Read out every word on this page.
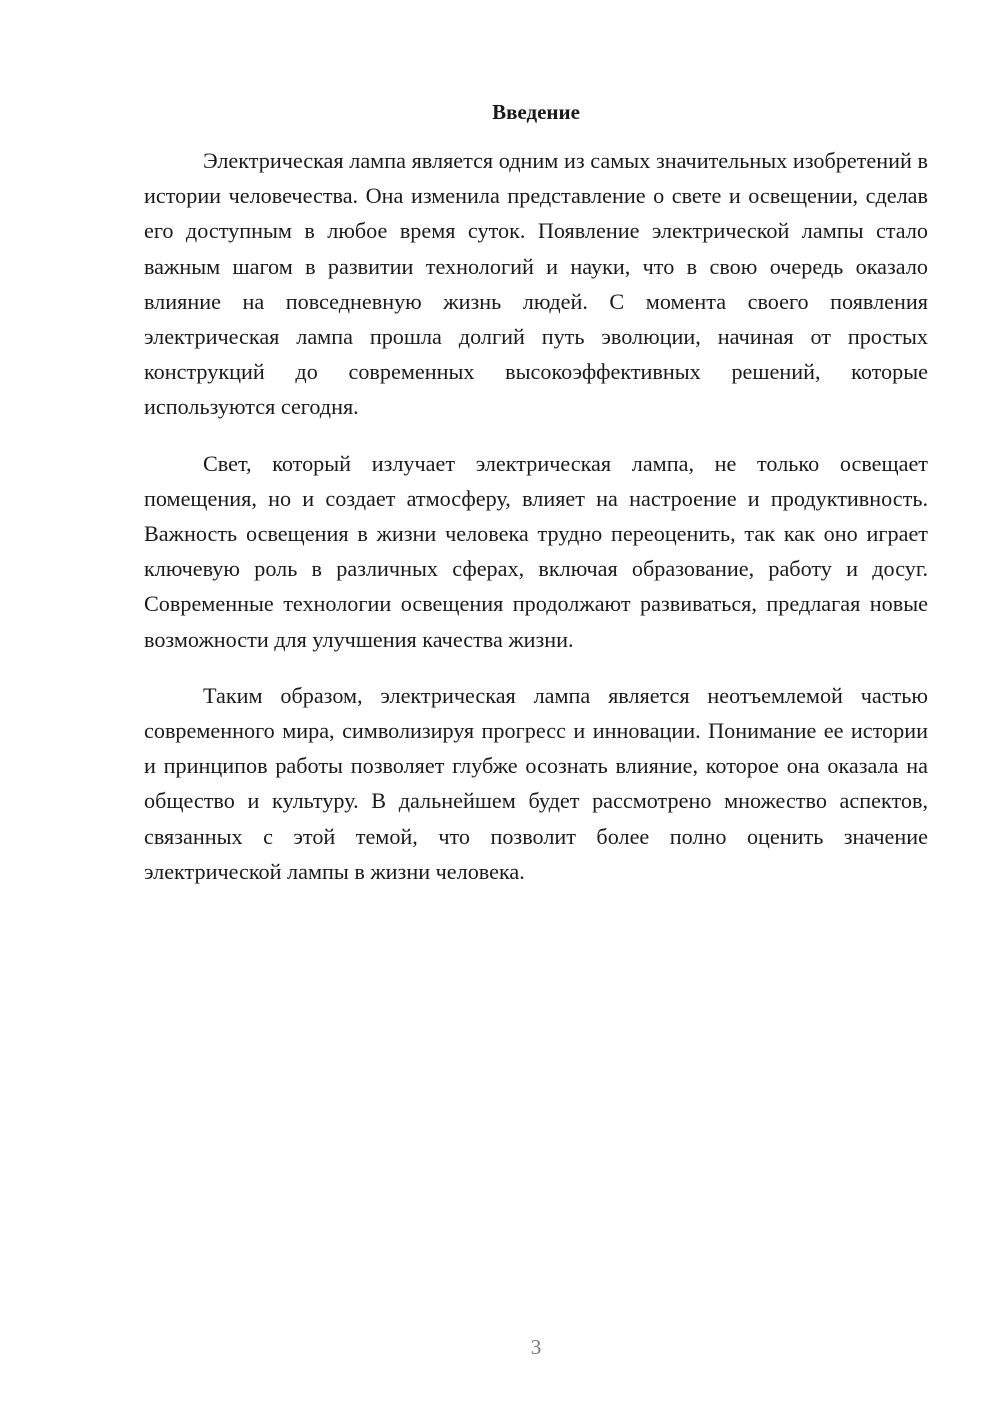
Введение

Электрическая лампа является одним из самых значительных изобретений в истории человечества. Она изменила представление о свете и освещении, сделав его доступным в любое время суток. Появление электрической лампы стало важным шагом в развитии технологий и науки, что в свою очередь оказало влияние на повседневную жизнь людей. С момента своего появления электрическая лампа прошла долгий путь эволюции, начиная от простых конструкций до современных высокоэффективных решений, которые используются сегодня.

Свет, который излучает электрическая лампа, не только освещает помещения, но и создает атмосферу, влияет на настроение и продуктивность. Важность освещения в жизни человека трудно переоценить, так как оно играет ключевую роль в различных сферах, включая образование, работу и досуг. Современные технологии освещения продолжают развиваться, предлагая новые возможности для улучшения качества жизни.

Таким образом, электрическая лампа является неотъемлемой частью современного мира, символизируя прогресс и инновации. Понимание ее истории и принципов работы позволяет глубже осознать влияние, которое она оказала на общество и культуру. В дальнейшем будет рассмотрено множество аспектов, связанных с этой темой, что позволит более полно оценить значение электрической лампы в жизни человека.

3
